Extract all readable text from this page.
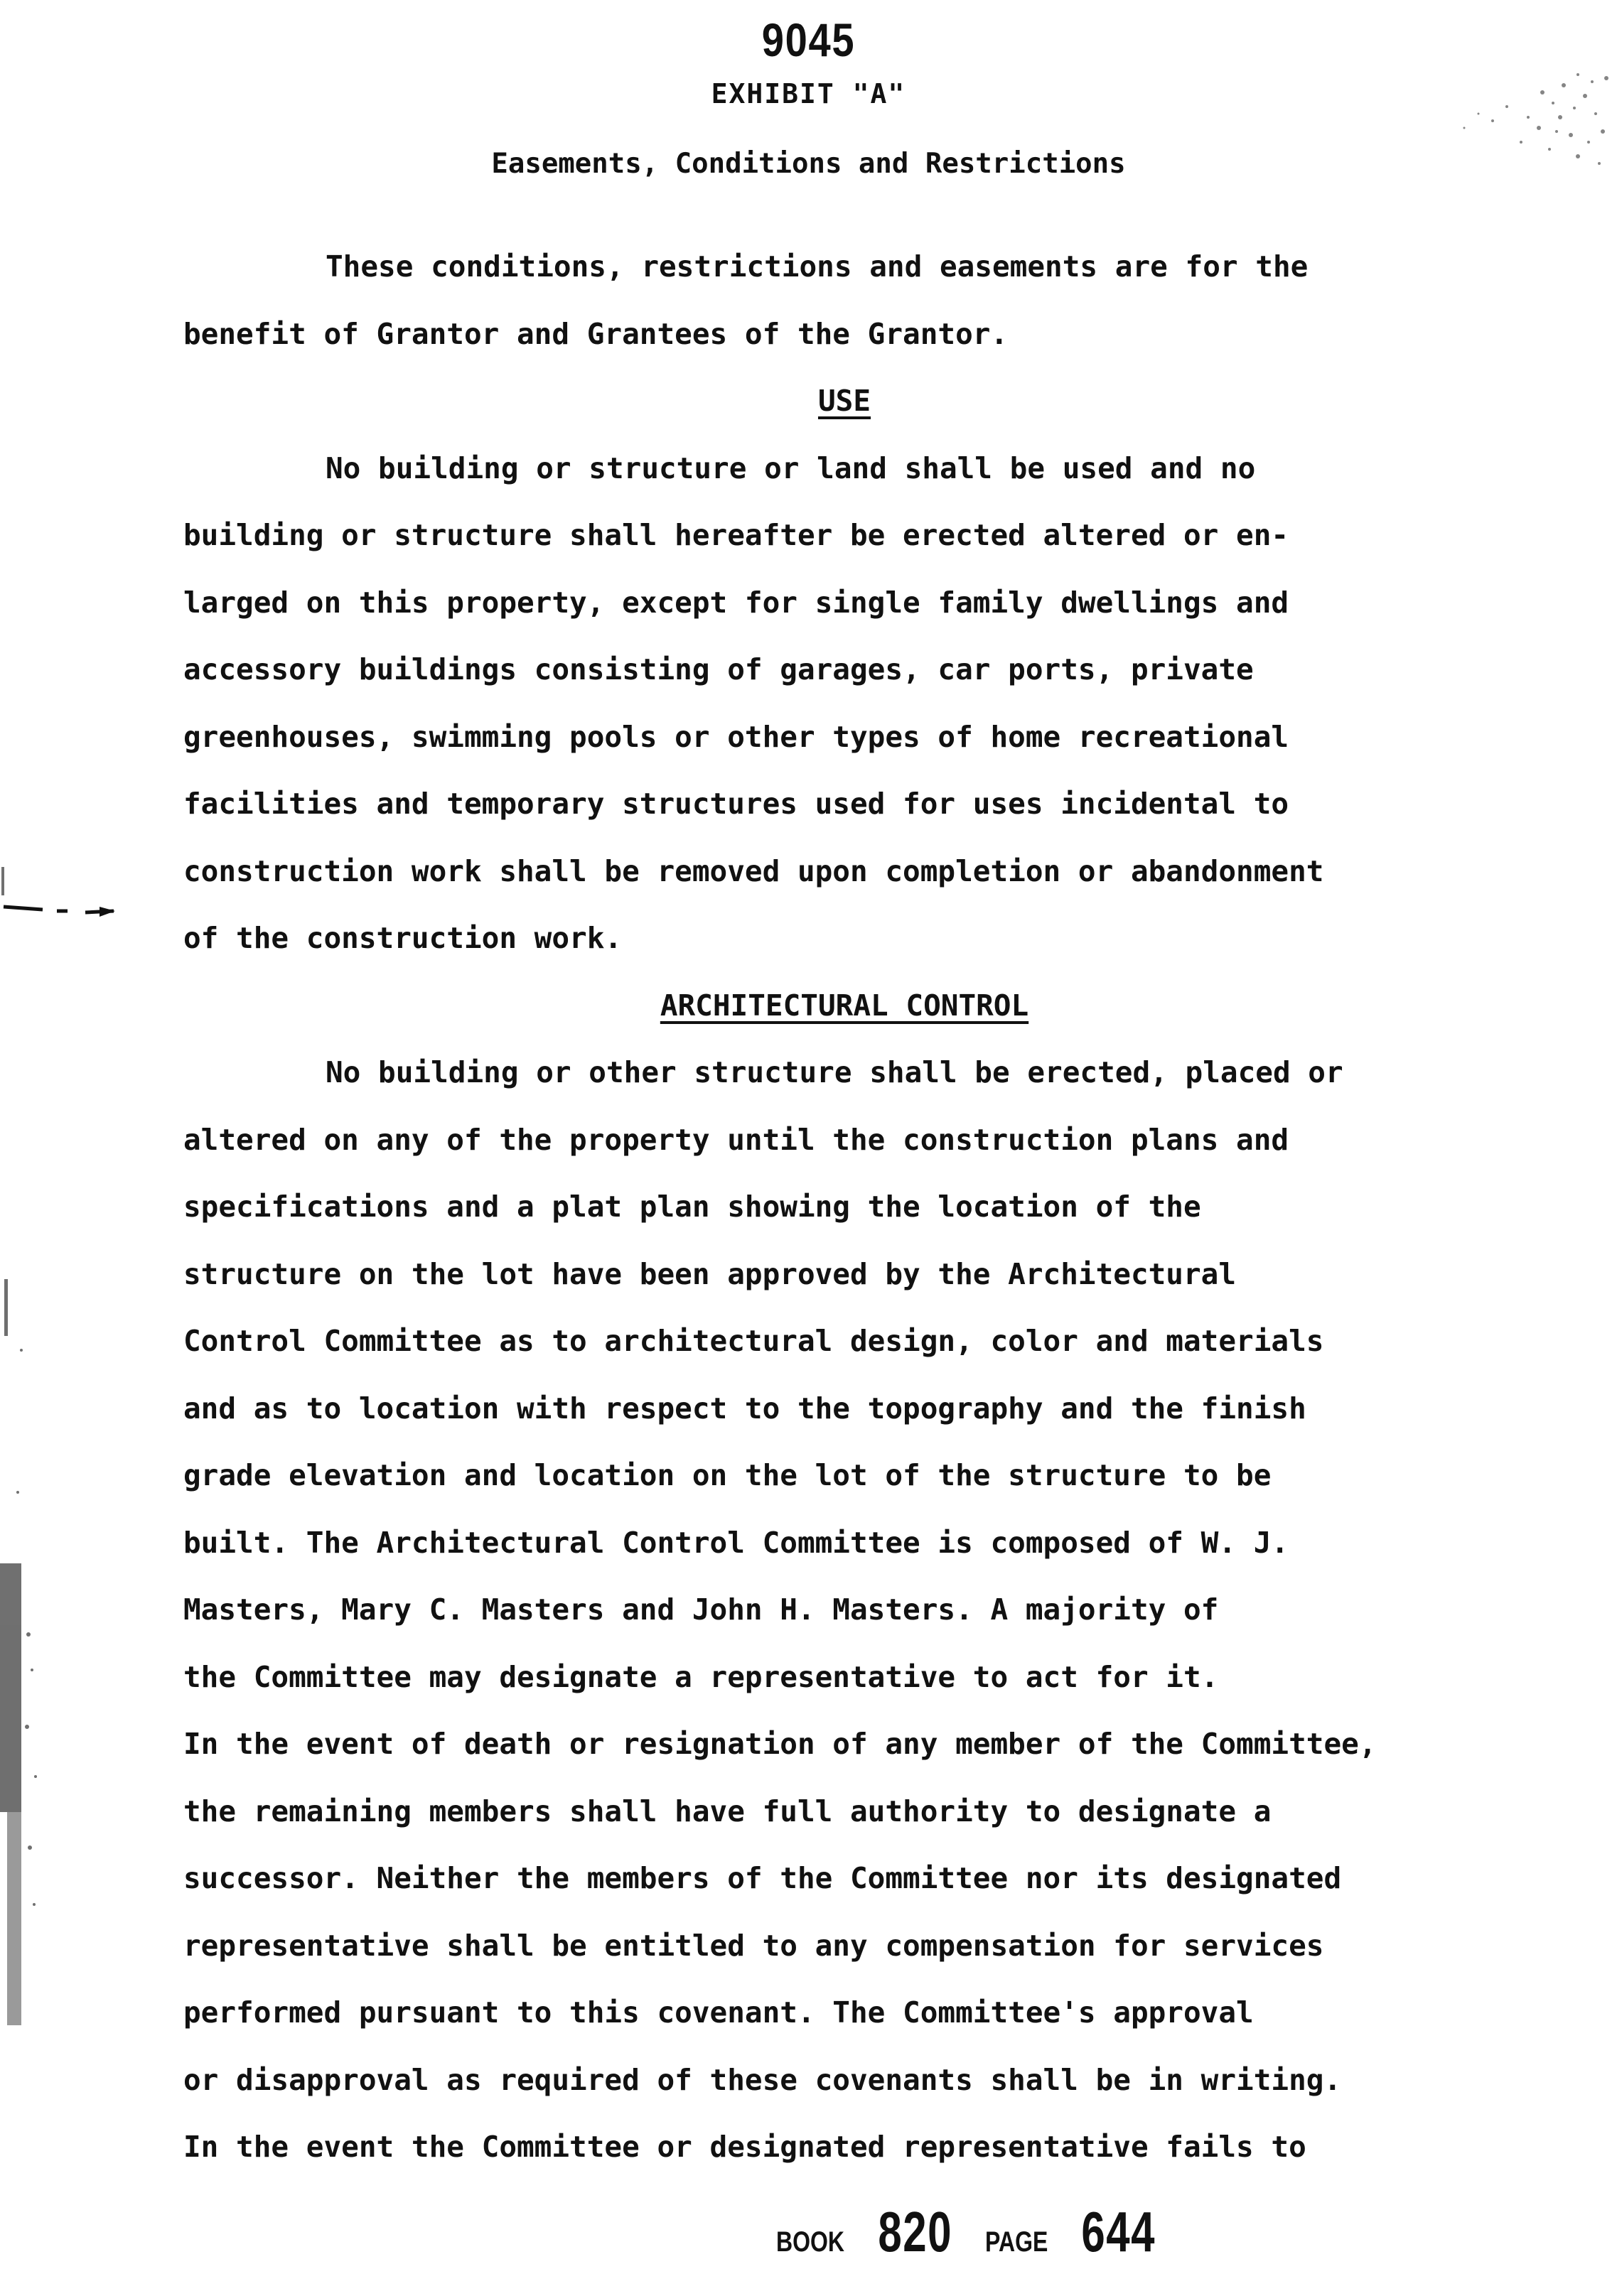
9045
EXHIBIT "A"
Easements, Conditions and Restrictions
These conditions, restrictions and easements are for the
benefit of Grantor and Grantees of the Grantor.
USE
No building or structure or land shall be used and no
building or structure shall hereafter be erected altered or en-
larged on this property, except for single family dwellings and
accessory buildings consisting of garages, car ports, private
greenhouses, swimming pools or other types of home recreational
facilities and temporary structures used for uses incidental to
construction work shall be removed upon completion or abandonment
of the construction work.
ARCHITECTURAL CONTROL
No building or other structure shall be erected, placed or
altered on any of the property until the construction plans and
specifications and a plat plan showing the location of the
structure on the lot have been approved by the Architectural
Control Committee as to architectural design, color and materials
and as to location with respect to the topography and the finish
grade elevation and location on the lot of the structure to be
built. The Architectural Control Committee is composed of W. J.
Masters, Mary C. Masters and John H. Masters. A majority of
the Committee may designate a representative to act for it.
In the event of death or resignation of any member of the Committee,
the remaining members shall have full authority to designate a
successor. Neither the members of the Committee nor its designated
representative shall be entitled to any compensation for services
performed pursuant to this covenant. The Committee's approval
or disapproval as required of these covenants shall be in writing.
In the event the Committee or designated representative fails to
BOOK 820 PAGE 644
